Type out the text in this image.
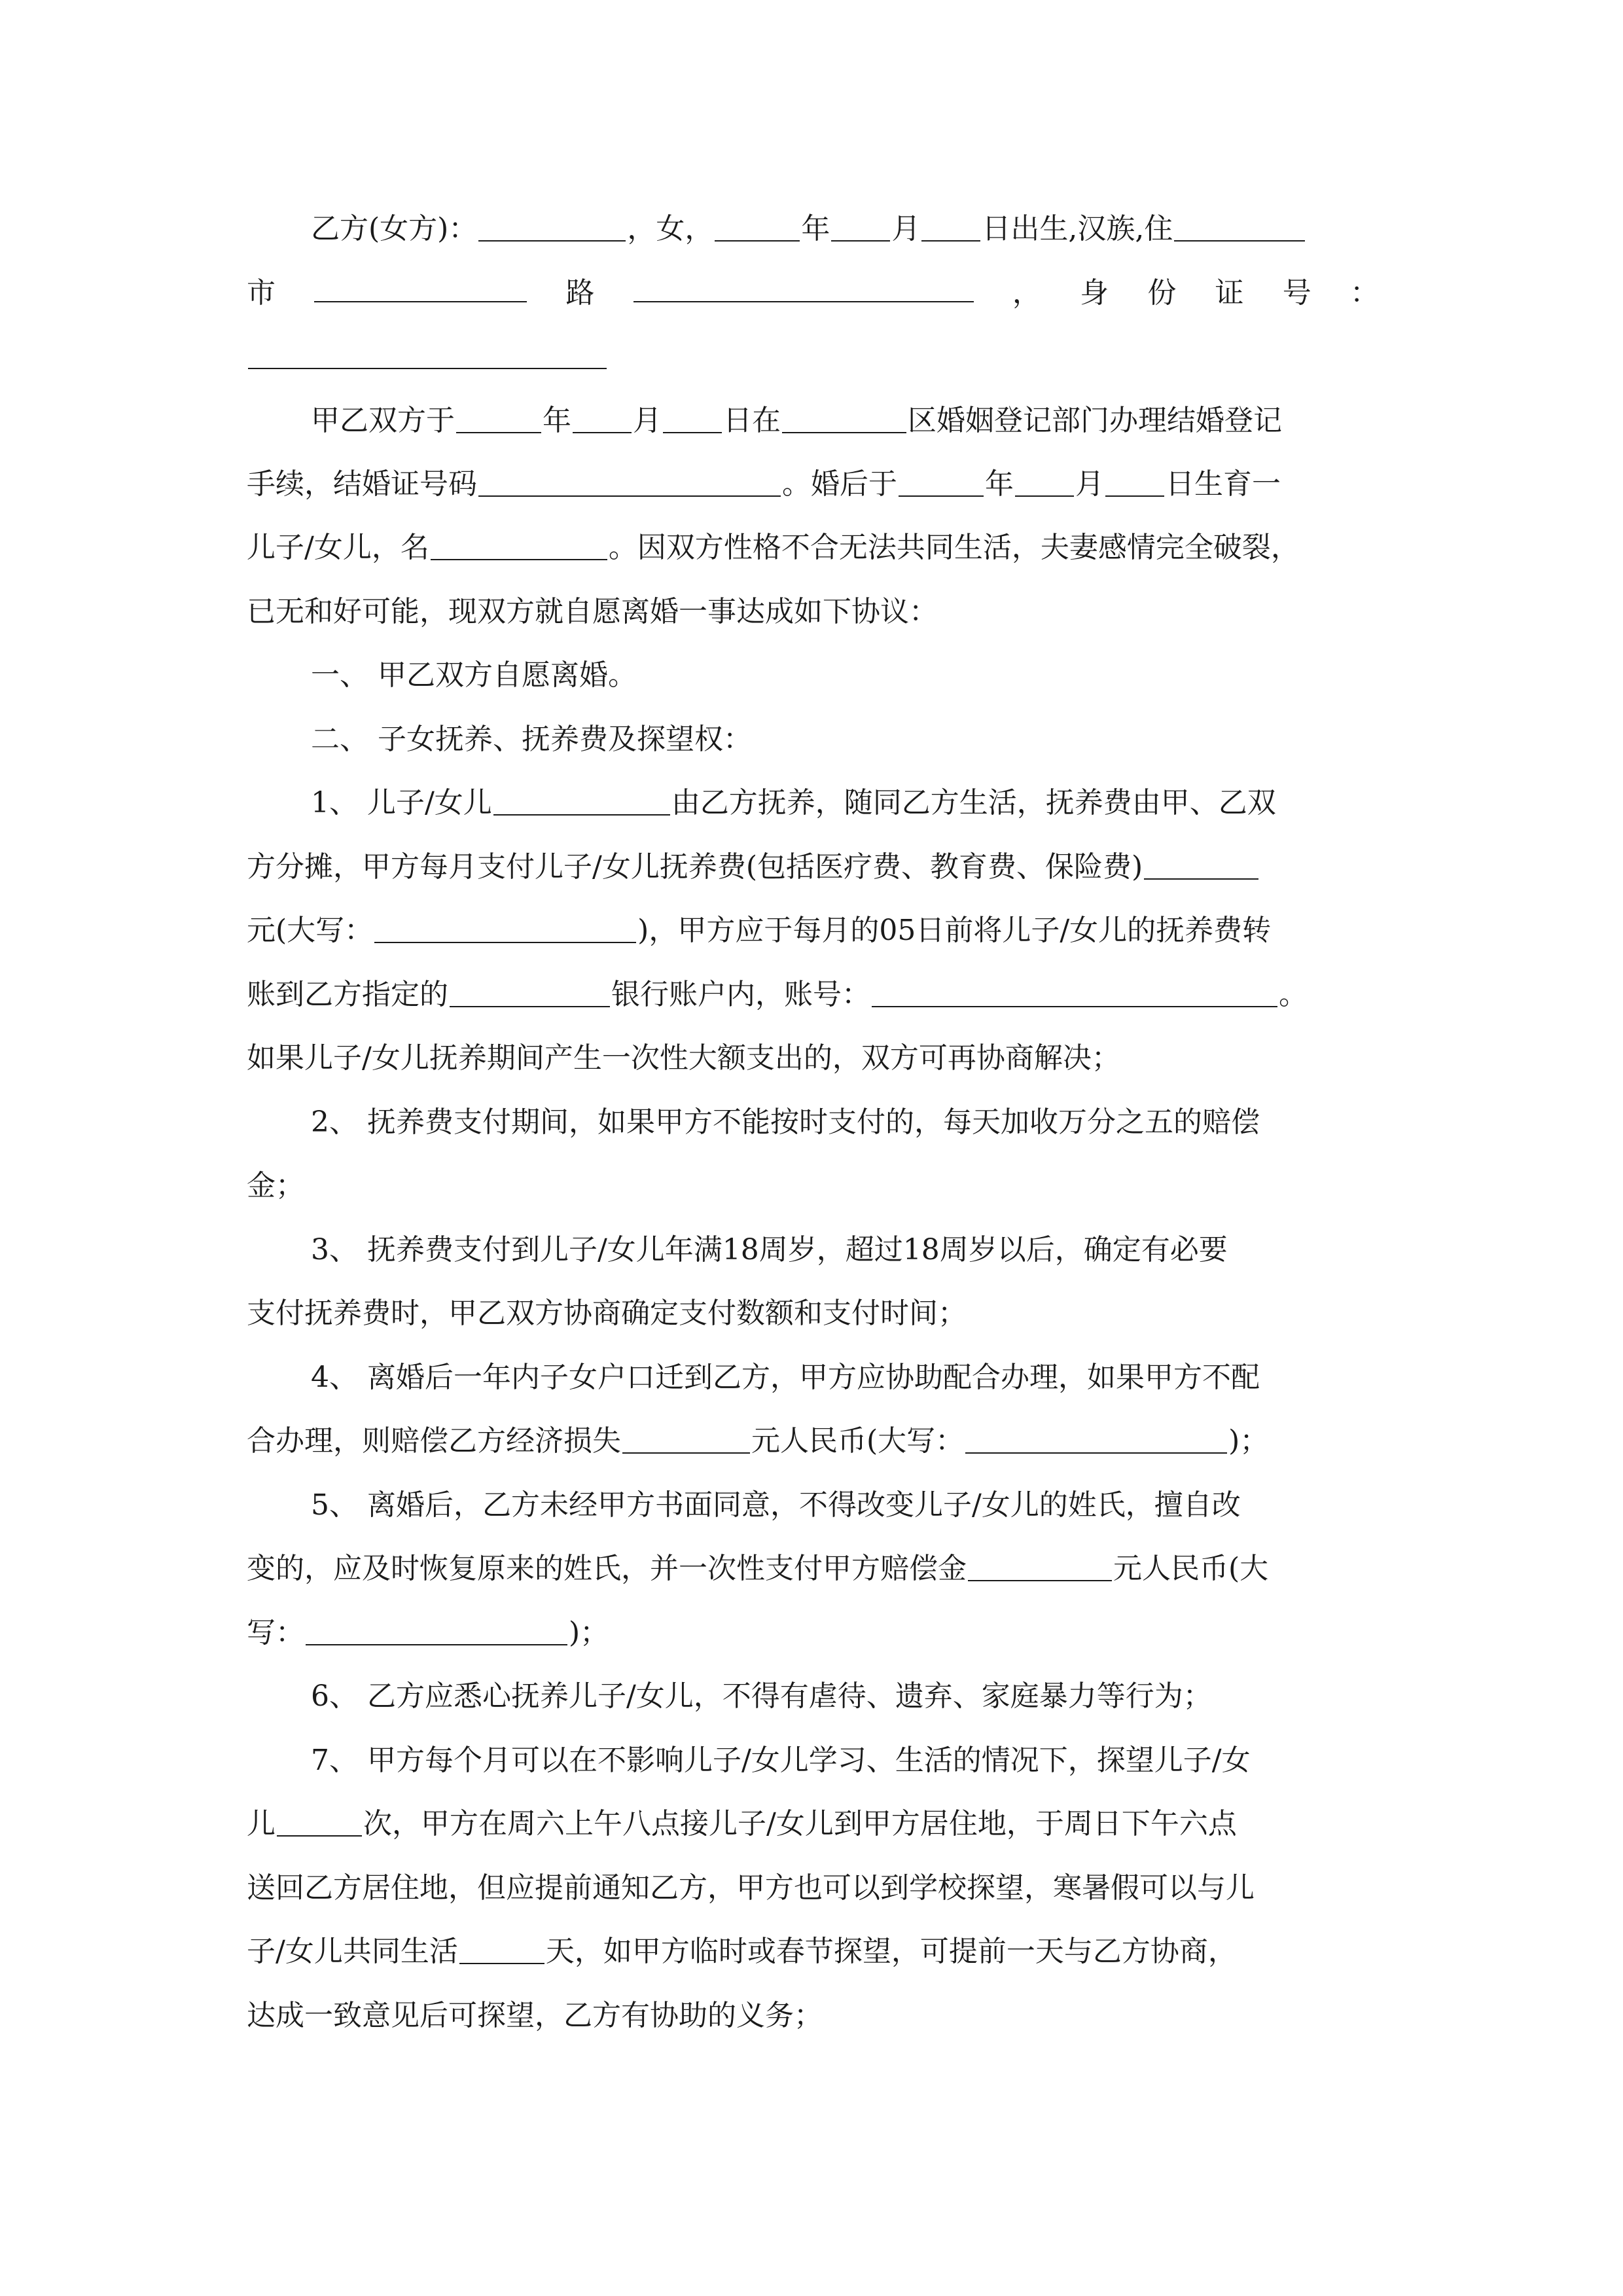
乙方(女方)：	，女，	年 月 日出生,汉族,住
市	路	， 身 份 证 号 ：
甲乙双方于	年 月 日在	区婚姻登记部门办理结婚登记
手续，结婚证号码	。婚后于	年 月 日生育一
儿子/女儿，名	。因双方性格不合无法共同生活，夫妻感情完全破裂，
已无和好可能，现双方就自愿离婚一事达成如下协议：
一、 甲乙双方自愿离婚。
二、 子女抚养、抚养费及探望权：
1、 儿子/女儿	由乙方抚养，随同乙方生活，抚养费由甲、乙双
方分摊，甲方每月支付儿子/女儿抚养费(包括医疗费、教育费、保险费)
元(大写：	)，甲方应于每月的05日前将儿子/女儿的抚养费转
账到乙方指定的	银行账户内，账号：	。
如果儿子/女儿抚养期间产生一次性大额支出的，双方可再协商解决；
2、 抚养费支付期间，如果甲方不能按时支付的，每天加收万分之五的赔偿
金；
3、 抚养费支付到儿子/女儿年满18周岁，超过18周岁以后，确定有必要
支付抚养费时，甲乙双方协商确定支付数额和支付时间；
4、 离婚后一年内子女户口迁到乙方，甲方应协助配合办理，如果甲方不配
合办理，则赔偿乙方经济损失	元人民币(大写：	)；
5、 离婚后，乙方未经甲方书面同意，不得改变儿子/女儿的姓氏，擅自改
变的，应及时恢复原来的姓氏，并一次性支付甲方赔偿金	元人民币(大
写：	)；
6、 乙方应悉心抚养儿子/女儿，不得有虐待、遗弃、家庭暴力等行为；
7、 甲方每个月可以在不影响儿子/女儿学习、生活的情况下，探望儿子/女
儿	次，甲方在周六上午八点接儿子/女儿到甲方居住地，于周日下午六点
送回乙方居住地，但应提前通知乙方，甲方也可以到学校探望，寒暑假可以与儿
子/女儿共同生活	天，如甲方临时或春节探望，可提前一天与乙方协商，
达成一致意见后可探望，乙方有协助的义务；
